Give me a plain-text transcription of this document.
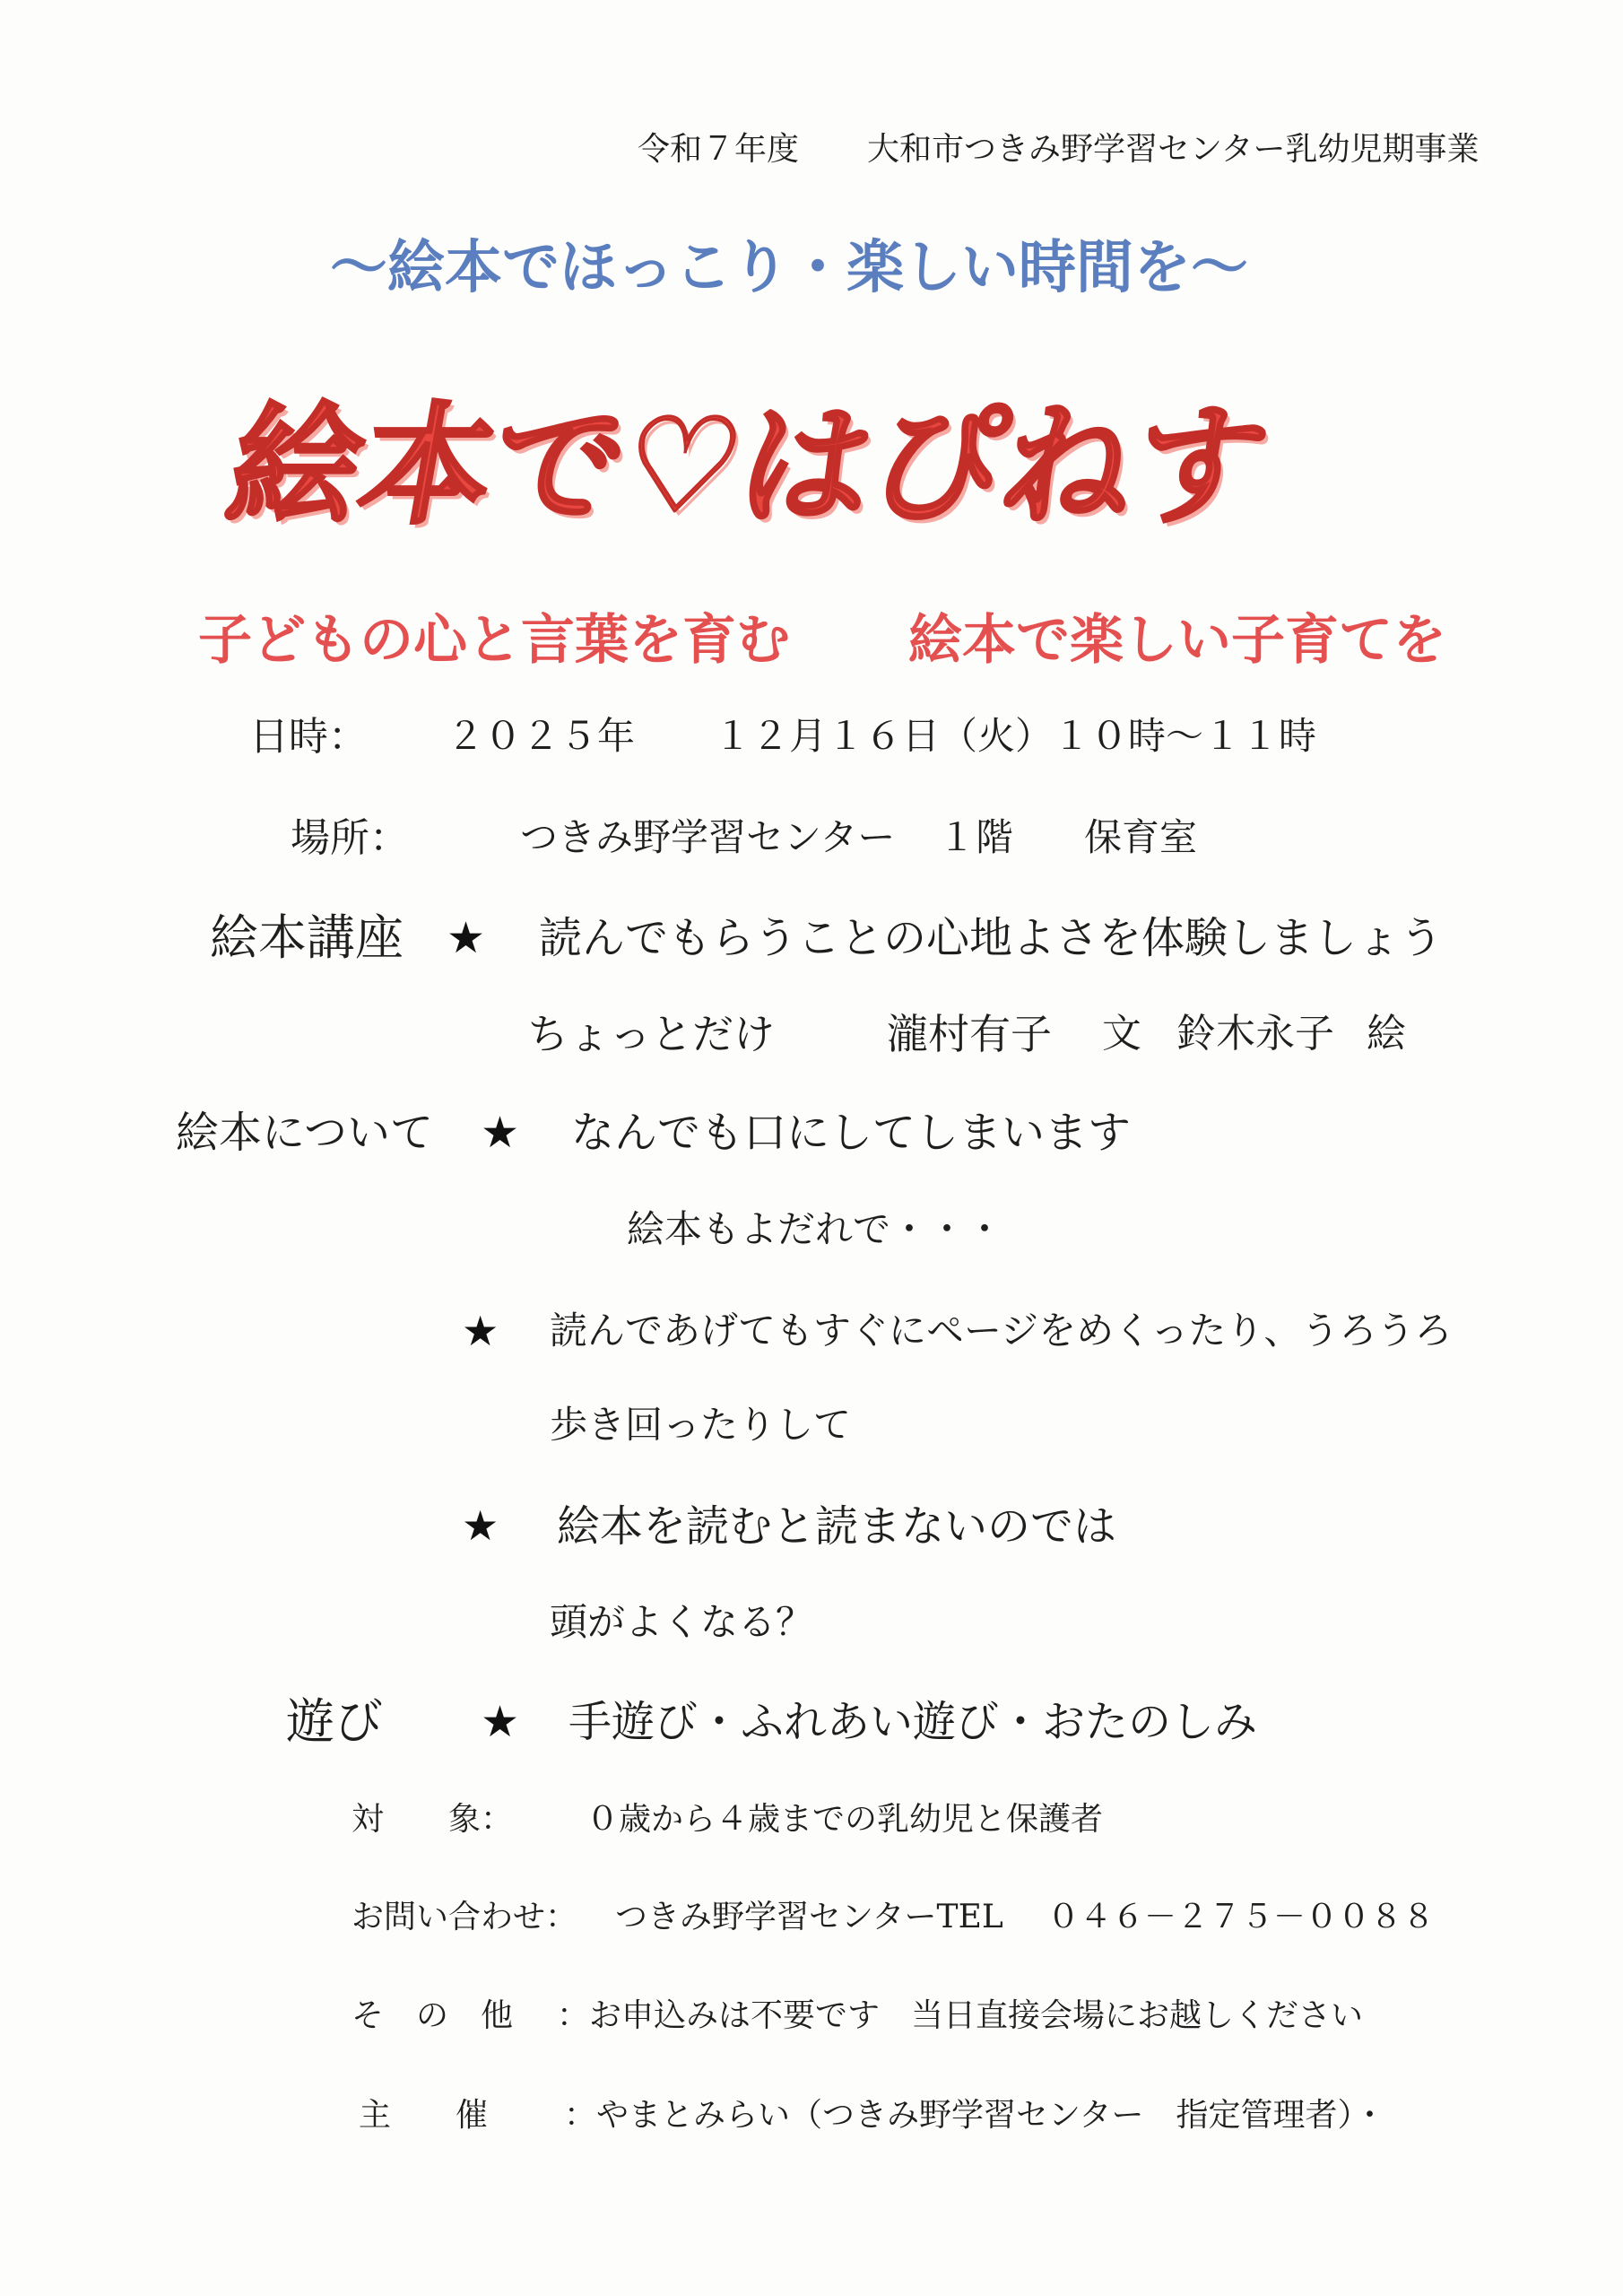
令和７年度 大和市つきみ野学習センター乳幼児期事業
～絵本でほっこり・楽しい時間を～
絵本で♡はぴねす
子どもの心と言葉を育む 絵本で楽しい子育てを
日時： ２０２５年 １２月１６日（火）１０時～１１時
場所：	つきみ野学習センター １階 保育室
絵本講座 ★ 読んでもらうことの心地よさを体験しましょう
ちょっとだけ	瀧村有子 文 鈴木永子 絵
絵本について ★ なんでも口にしてしまいます
絵本もよだれで・・・
★ 読んであげてもすぐにページをめくったり、うろうろ
歩き回ったりして
★ 絵本を読むと読まないのでは
頭がよくなる？
遊び ★ 手遊び・ふれあい遊び・おたのしみ
対　　象： ０歳から４歳までの乳幼児と保護者
お問い合わせ： つきみ野学習センターTEL ０４６－２７５－００８８
そ　の　他 ：お申込みは不要です 当日直接会場にお越しください
主　　催 ：やまとみらい（つきみ野学習センター　指定管理者）・
